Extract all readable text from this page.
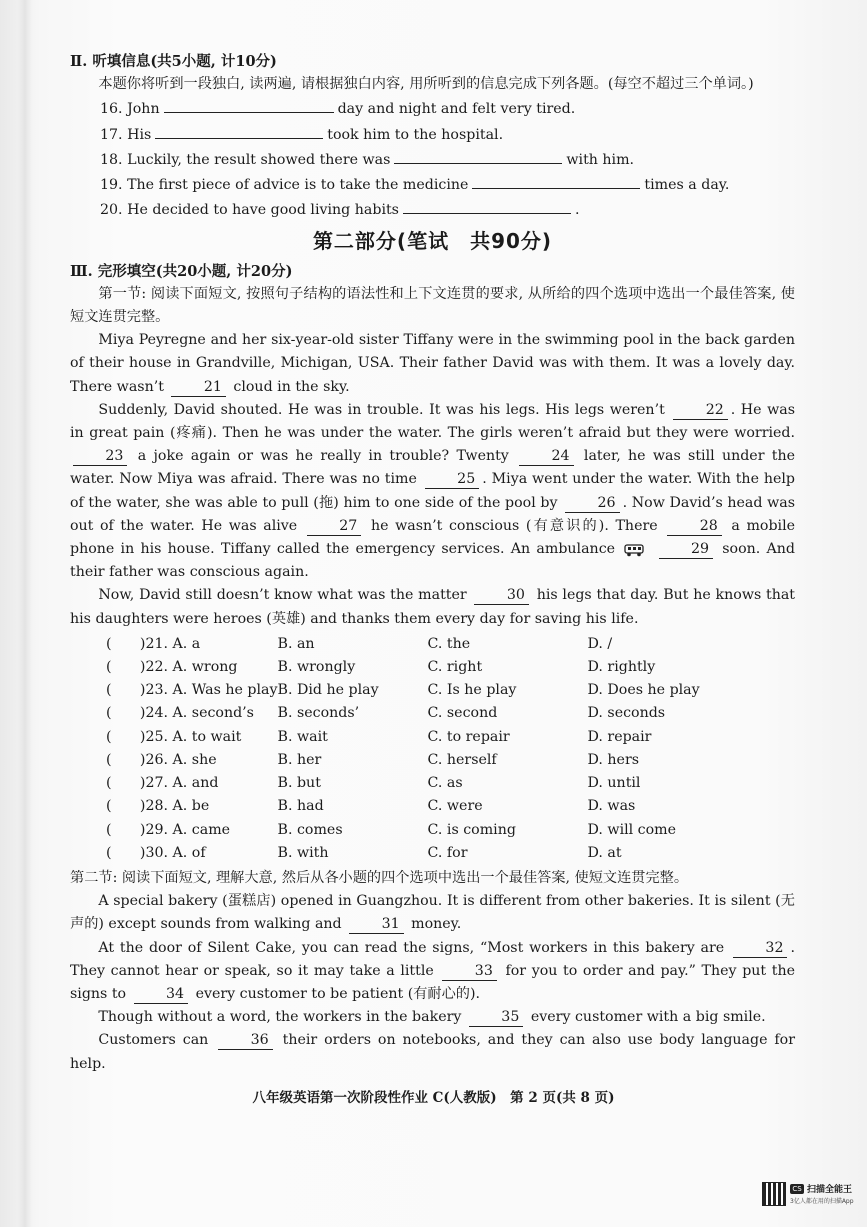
Ⅱ. 听填信息(共5小题, 计10分)

本题你将听到一段独白, 读两遍, 请根据独白内容, 用所听到的信息完成下列各题。(每空不超过三个单词。)

16. John	day and night and felt very tired.
17. His	took him to the hospital.
18. Luckily, the result showed there was	with him.
19. The first piece of advice is to take the medicine	times a day.
20. He decided to have good living habits	.
第二部分(笔试　共90分)
Ⅲ. 完形填空(共20小题, 计20分)

第一节: 阅读下面短文, 按照句子结构的语法性和上下文连贯的要求, 从所给的四个选项中选出一个最佳答案, 使短文连贯完整。

Miya Peyregne and her six-year-old sister Tiffany were in the swimming pool in the back garden of their house in Grandville, Michigan, USA. Their father David was with them. It was a lovely day. There wasn’t	21 cloud in the sky.

Suddenly, David shouted. He was in trouble. It was his legs. His legs weren’t	22 . He was in great pain (疼痛). Then he was under the water. The girls weren’t afraid but they were worried. 23 a joke again or was he really in trouble? Twenty	24 later, he was still under the water. Now Miya was afraid. There was no time	25 . Miya went under the water. With the help of the water, she was able to pull (拖) him to one side of the pool by	26 . Now David’s head was out of the water. He was alive	27 he wasn’t conscious (有意识的). There	28 a mobile phone in his house. Tiffany called the emergency services. An ambulance	29 soon. And their father was conscious again.

Now, David still doesn’t know what was the matter	30 his legs that day. But he knows that his daughters were heroes (英雄) and thanks them every day for saving his life.

(　　)21. A. a	B. an	C. the	D. /
(　　)22. A. wrong	B. wrongly	C. right	D. rightly
(　　)23. A. Was he play	B. Did he play	C. Is he play	D. Does he play
(　　)24. A. second’s	B. seconds’	C. second	D. seconds
(　　)25. A. to wait	B. wait	C. to repair	D. repair
(　　)26. A. she	B. her	C. herself	D. hers
(　　)27. A. and	B. but	C. as	D. until
(　　)28. A. be	B. had	C. were	D. was
(　　)29. A. came	B. comes	C. is coming	D. will come
(　　)30. A. of	B. with	C. for	D. at

第二节: 阅读下面短文, 理解大意, 然后从各小题的四个选项中选出一个最佳答案, 使短文连贯完整。

A special bakery (蛋糕店) opened in Guangzhou. It is different from other bakeries. It is silent (无声的) except sounds from walking and	31 money.

At the door of Silent Cake, you can read the signs, “Most workers in this bakery are	32 . They cannot hear or speak, so it may take a little	33 for you to order and pay.” They put the signs to	34 every customer to be patient (有耐心的).

Though without a word, the workers in the bakery	35 every customer with a big smile.

Customers can	36 their orders on notebooks, and they can also use body language for help.

八年级英语第一次阶段性作业 C(人教版)　第 2 页(共 8 页)
CS 扫描全能王
3亿人都在用的扫描App
